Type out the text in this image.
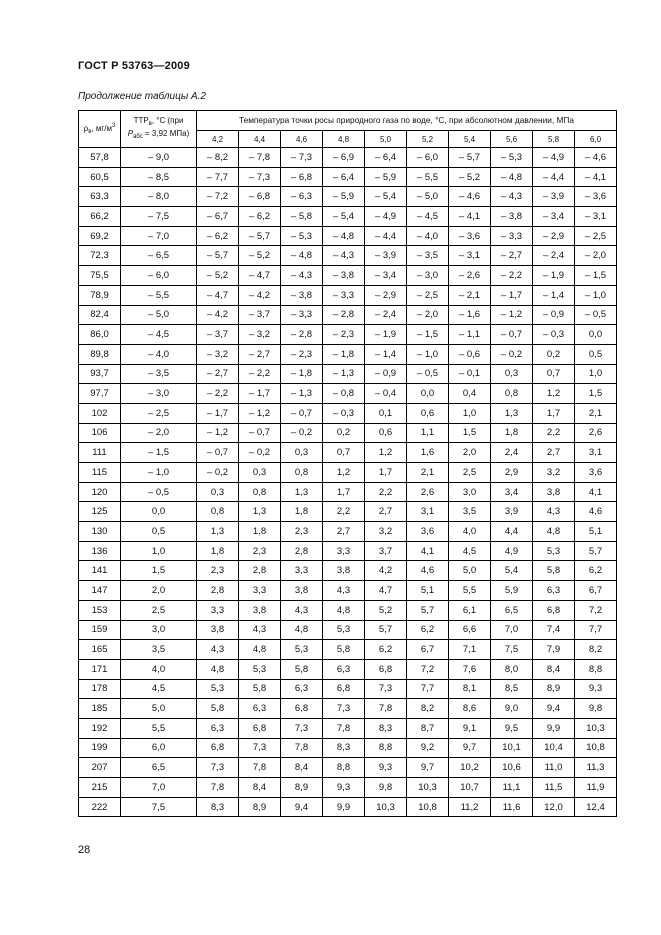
ГОСТ Р 53763—2009
Продолжение таблицы А.2
$\rho_в$, $мг/м^3$	$ТТР_в$, °С (при
$P_{абс} = 3,92$ МПа)	Температура точки росы природного газа по воде, °С, при абсолютном давлении, МПа									
		4,2	4,4	4,6	4,8	5,0	5,2	5,4	5,6	5,8	6,0
57,8	– 9,0	– 8,2	– 7,8	– 7,3	– 6,9	– 6,4	– 6,0	– 5,7	– 5,3	– 4,9	– 4,6
60,5	– 8,5	– 7,7	– 7,3	– 6,8	– 6,4	– 5,9	– 5,5	– 5,2	– 4,8	– 4,4	– 4,1
63,3	– 8,0	– 7,2	– 6,8	– 6,3	– 5,9	– 5,4	– 5,0	– 4,6	– 4,3	– 3,9	– 3,6
66,2	– 7,5	– 6,7	– 6,2	– 5,8	– 5,4	– 4,9	– 4,5	– 4,1	– 3,8	– 3,4	– 3,1
69,2	– 7,0	– 6,2	– 5,7	– 5,3	– 4,8	– 4,4	– 4,0	– 3,6	– 3,3	– 2,9	– 2,5
72,3	– 6,5	– 5,7	– 5,2	– 4,8	– 4,3	– 3,9	– 3,5	– 3,1	– 2,7	– 2,4	– 2,0
75,5	– 6,0	– 5,2	– 4,7	– 4,3	– 3,8	– 3,4	– 3,0	– 2,6	– 2,2	– 1,9	– 1,5
78,9	– 5,5	– 4,7	– 4,2	– 3,8	– 3,3	– 2,9	– 2,5	– 2,1	– 1,7	– 1,4	– 1,0
82,4	– 5,0	– 4,2	– 3,7	– 3,3	– 2,8	– 2,4	– 2,0	– 1,6	– 1,2	– 0,9	– 0,5
86,0	– 4,5	– 3,7	– 3,2	– 2,8	– 2,3	– 1,9	– 1,5	– 1,1	– 0,7	– 0,3	0,0
89,8	– 4,0	– 3,2	– 2,7	– 2,3	– 1,8	– 1,4	– 1,0	– 0,6	– 0,2	0,2	0,5
93,7	– 3,5	– 2,7	– 2,2	– 1,8	– 1,3	– 0,9	– 0,5	– 0,1	0,3	0,7	1,0
97,7	– 3,0	– 2,2	– 1,7	– 1,3	– 0,8	– 0,4	0,0	0,4	0,8	1,2	1,5
102	– 2,5	– 1,7	– 1,2	– 0,7	– 0,3	0,1	0,6	1,0	1,3	1,7	2,1
106	– 2,0	– 1,2	– 0,7	– 0,2	0,2	0,6	1,1	1,5	1,8	2,2	2,6
111	– 1,5	– 0,7	– 0,2	0,3	0,7	1,2	1,6	2,0	2,4	2,7	3,1
115	– 1,0	– 0,2	0,3	0,8	1,2	1,7	2,1	2,5	2,9	3,2	3,6
120	– 0,5	0,3	0,8	1,3	1,7	2,2	2,6	3,0	3,4	3,8	4,1
125	0,0	0,8	1,3	1,8	2,2	2,7	3,1	3,5	3,9	4,3	4,6
130	0,5	1,3	1,8	2,3	2,7	3,2	3,6	4,0	4,4	4,8	5,1
136	1,0	1,8	2,3	2,8	3,3	3,7	4,1	4,5	4,9	5,3	5,7
141	1,5	2,3	2,8	3,3	3,8	4,2	4,6	5,0	5,4	5,8	6,2
147	2,0	2,8	3,3	3,8	4,3	4,7	5,1	5,5	5,9	6,3	6,7
153	2,5	3,3	3,8	4,3	4,8	5,2	5,7	6,1	6,5	6,8	7,2
159	3,0	3,8	4,3	4,8	5,3	5,7	6,2	6,6	7,0	7,4	7,7
165	3,5	4,3	4,8	5,3	5,8	6,2	6,7	7,1	7,5	7,9	8,2
171	4,0	4,8	5,3	5,8	6,3	6,8	7,2	7,6	8,0	8,4	8,8
178	4,5	5,3	5,8	6,3	6,8	7,3	7,7	8,1	8,5	8,9	9,3
185	5,0	5,8	6,3	6,8	7,3	7,8	8,2	8,6	9,0	9,4	9,8
192	5,5	6,3	6,8	7,3	7,8	8,3	8,7	9,1	9,5	9,9	10,3
199	6,0	6,8	7,3	7,8	8,3	8,8	9,2	9,7	10,1	10,4	10,8
207	6,5	7,3	7,8	8,4	8,8	9,3	9,7	10,2	10,6	11,0	11,3
215	7,0	7,8	8,4	8,9	9,3	9,8	10,3	10,7	11,1	11,5	11,9
222	7,5	8,3	8,9	9,4	9,9	10,3	10,8	11,2	11,6	12,0	12,4
28
